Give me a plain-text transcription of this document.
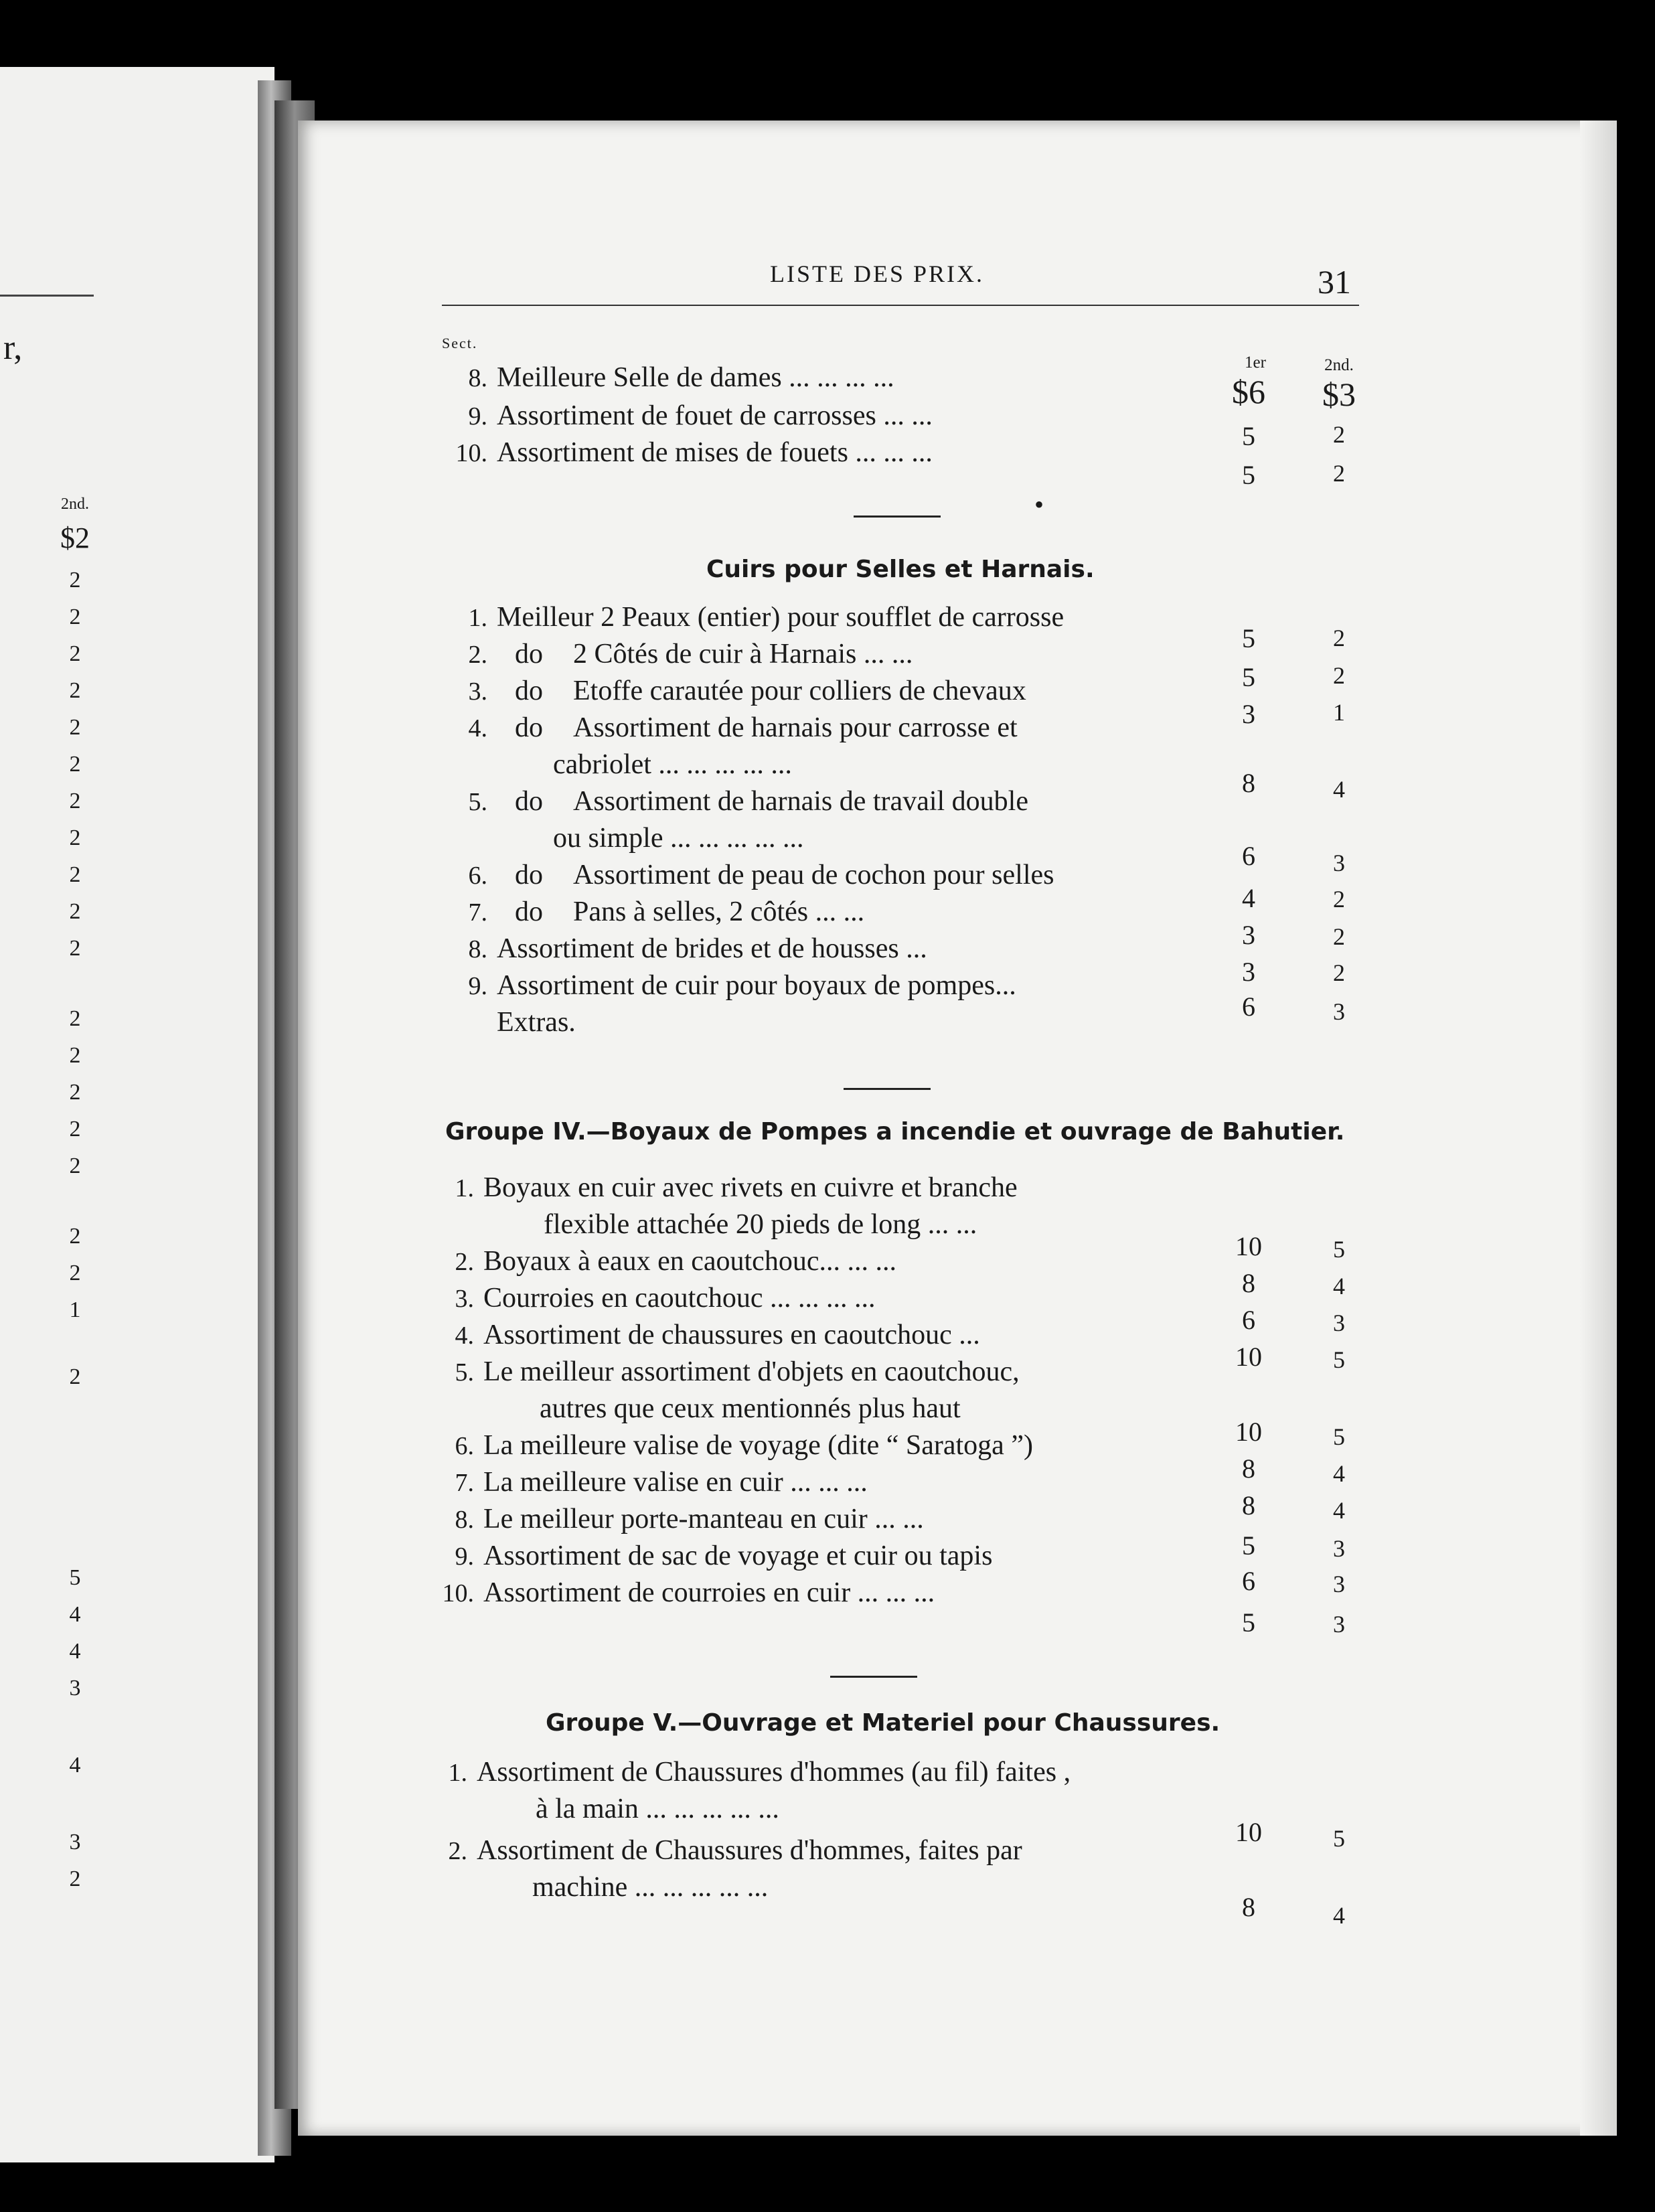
r,
2nd.
$2
2
2
2
2
2
2
2
2
2
2
2
2
2
2
2
2
2
2
1
2
5
4
4
3
4
3
2
LISTE DES PRIX.	31
Sect.
1er	2nd.
8. Meilleure Selle de dames ... ... ... ...	$6	$3
9. Assortiment de fouet de carrosses ... ...
5	2
10. Assortiment de mises de fouets ... ... ...
5	2
•
Cuirs pour Selles et Harnais.
1. Meilleur 2 Peaux (entier) pour soufflet de carrosse
5	2
2. do 2 Côtés de cuir à Harnais ... ...
5	2
3. do Etoffe carautée pour colliers de chevaux
3	1
4. do Assortiment de harnais pour carrosse et
cabriolet ... ... ... ... ...
8	4
5. do Assortiment de harnais de travail double
ou simple ... ... ... ... ...
6	3
6. do Assortiment de peau de cochon pour selles
4	2
7. do Pans à selles, 2 côtés ... ...
3	2
8. Assortiment de brides et de housses ...
3	2
9. Assortiment de cuir pour boyaux de pompes...
Extras.
6	3
Groupe IV.—Boyaux de Pompes a incendie et ouvrage de Bahutier.
1. Boyaux en cuir avec rivets en cuivre et branche
flexible attachée 20 pieds de long ... ...
10	5
2. Boyaux à eaux en caoutchouc... ... ...
8	4
3. Courroies en caoutchouc ... ... ... ...
6	3
4. Assortiment de chaussures en caoutchouc ...
10	5
5. Le meilleur assortiment d'objets en caoutchouc,
autres que ceux mentionnés plus haut
10	5
6. La meilleure valise de voyage (dite “ Saratoga ”)
8	4
7. La meilleure valise en cuir ... ... ...
8	4
8. Le meilleur porte-manteau en cuir ... ...
5	3
9. Assortiment de sac de voyage et cuir ou tapis
6	3
10. Assortiment de courroies en cuir ... ... ...
5	3
Groupe V.—Ouvrage et Materiel pour Chaussures.
1. Assortiment de Chaussures d'hommes (au fil) faites ,
à la main ... ... ... ... ...
10	5
2. Assortiment de Chaussures d'hommes, faites par
machine ... ... ... ... ...
8	4
